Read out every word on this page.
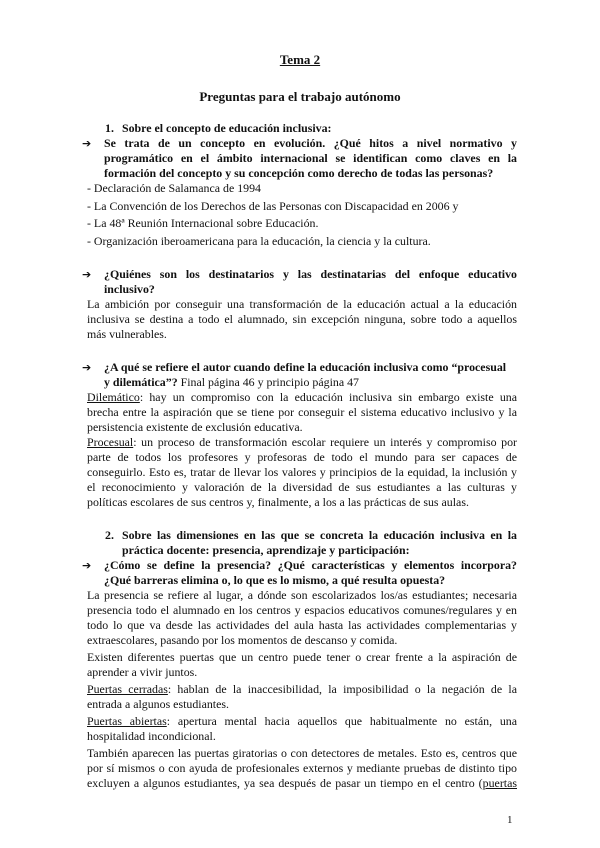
Tema 2
Preguntas para el trabajo autónomo
1. Sobre el concepto de educación inclusiva:
➔	Se trata de un concepto en evolución. ¿Qué hitos a nivel normativo y
programático en el ámbito internacional se identifican como claves en la
formación del concepto y su concepción como derecho de todas las personas?
- Declaración de Salamanca de 1994
- La Convención de los Derechos de las Personas con Discapacidad en 2006 y
- La 48ª Reunión Internacional sobre Educación.
- Organización iberoamericana para la educación, la ciencia y la cultura.
➔	¿Quiénes son los destinatarios y las destinatarias del enfoque educativo
inclusivo?
La ambición por conseguir una transformación de la educación actual a la educación
inclusiva se destina a todo el alumnado, sin excepción ninguna, sobre todo a aquellos
más vulnerables.
➔	¿A qué se refiere el autor cuando define la educación inclusiva como “procesual
y dilemática”? Final página 46 y principio página 47
Dilemático: hay un compromiso con la educación inclusiva sin embargo existe una
brecha entre la aspiración que se tiene por conseguir el sistema educativo inclusivo y la
persistencia existente de exclusión educativa.
Procesual: un proceso de transformación escolar requiere un interés y compromiso por
parte de todos los profesores y profesoras de todo el mundo para ser capaces de
conseguirlo. Esto es, tratar de llevar los valores y principios de la equidad, la inclusión y
el reconocimiento y valoración de la diversidad de sus estudiantes a las culturas y
políticas escolares de sus centros y, finalmente, a los a las prácticas de sus aulas.
2. Sobre las dimensiones en las que se concreta la educación inclusiva en la
práctica docente: presencia, aprendizaje y participación:
➔	¿Cómo se define la presencia? ¿Qué características y elementos incorpora?
¿Qué barreras elimina o, lo que es lo mismo, a qué resulta opuesta?
La presencia se refiere al lugar, a dónde son escolarizados los/as estudiantes; necesaria
presencia todo el alumnado en los centros y espacios educativos comunes/regulares y en
todo lo que va desde las actividades del aula hasta las actividades complementarias y
extraescolares, pasando por los momentos de descanso y comida.
Existen diferentes puertas que un centro puede tener o crear frente a la aspiración de
aprender a vivir juntos.
Puertas cerradas: hablan de la inaccesibilidad, la imposibilidad o la negación de la
entrada a algunos estudiantes.
Puertas abiertas: apertura mental hacia aquellos que habitualmente no están, una
hospitalidad incondicional.
También aparecen las puertas giratorias o con detectores de metales. Esto es, centros que
por sí mismos o con ayuda de profesionales externos y mediante pruebas de distinto tipo
excluyen a algunos estudiantes, ya sea después de pasar un tiempo en el centro (puertas
1
